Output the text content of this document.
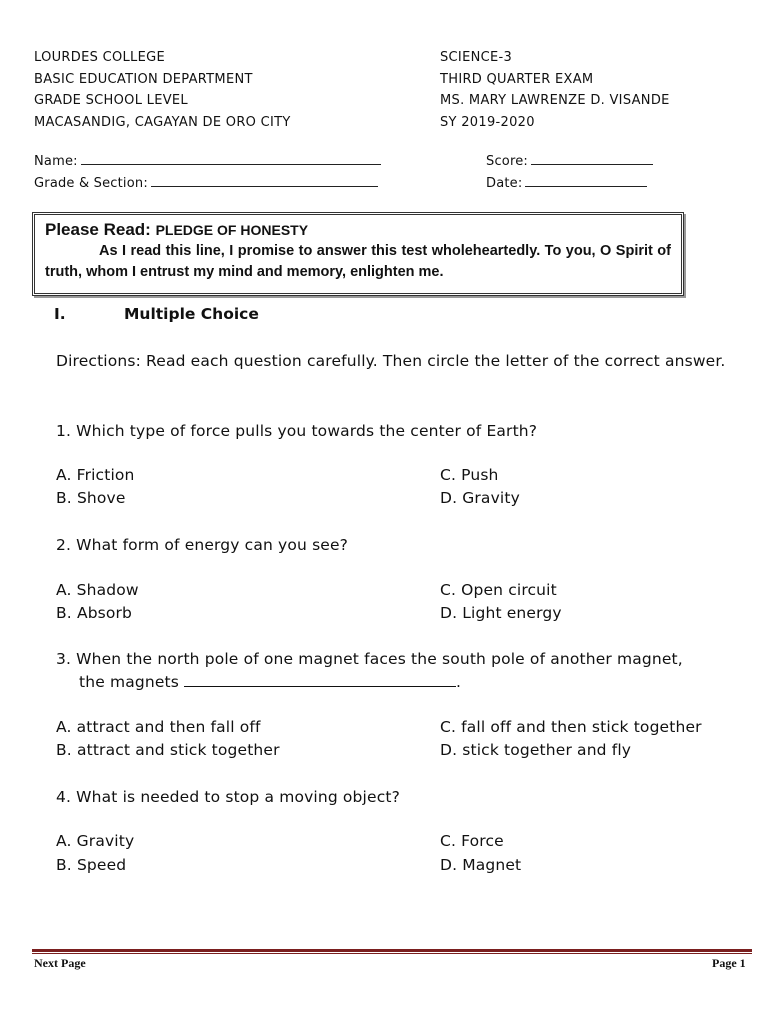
LOURDES COLLEGE
BASIC EDUCATION DEPARTMENT
GRADE SCHOOL LEVEL
MACASANDIG, CAGAYAN DE ORO CITY
SCIENCE-3
THIRD QUARTER EXAM
MS. MARY LAWRENZE D. VISANDE
SY 2019-2020
Name:
Grade & Section:
Score:
Date:
Please Read: PLEDGE OF HONESTY
As I read this line, I promise to answer this test wholeheartedly. To you, O Spirit of truth, whom I entrust my mind and memory, enlighten me.
I.	Multiple Choice
Directions: Read each question carefully. Then circle the letter of the correct answer.
1. Which type of force pulls you towards the center of Earth?
A. Friction
B. Shove
C. Push
D. Gravity
2. What form of energy can you see?
A. Shadow
B. Absorb
C. Open circuit
D. Light energy
3. When the north pole of one magnet faces the south pole of another magnet,
the magnets	.
A. attract and then fall off
B. attract and stick together
C. fall off and then stick together
D. stick together and fly
4. What is needed to stop a moving object?
A. Gravity
B. Speed
C. Force
D. Magnet
Next Page	Page 1
